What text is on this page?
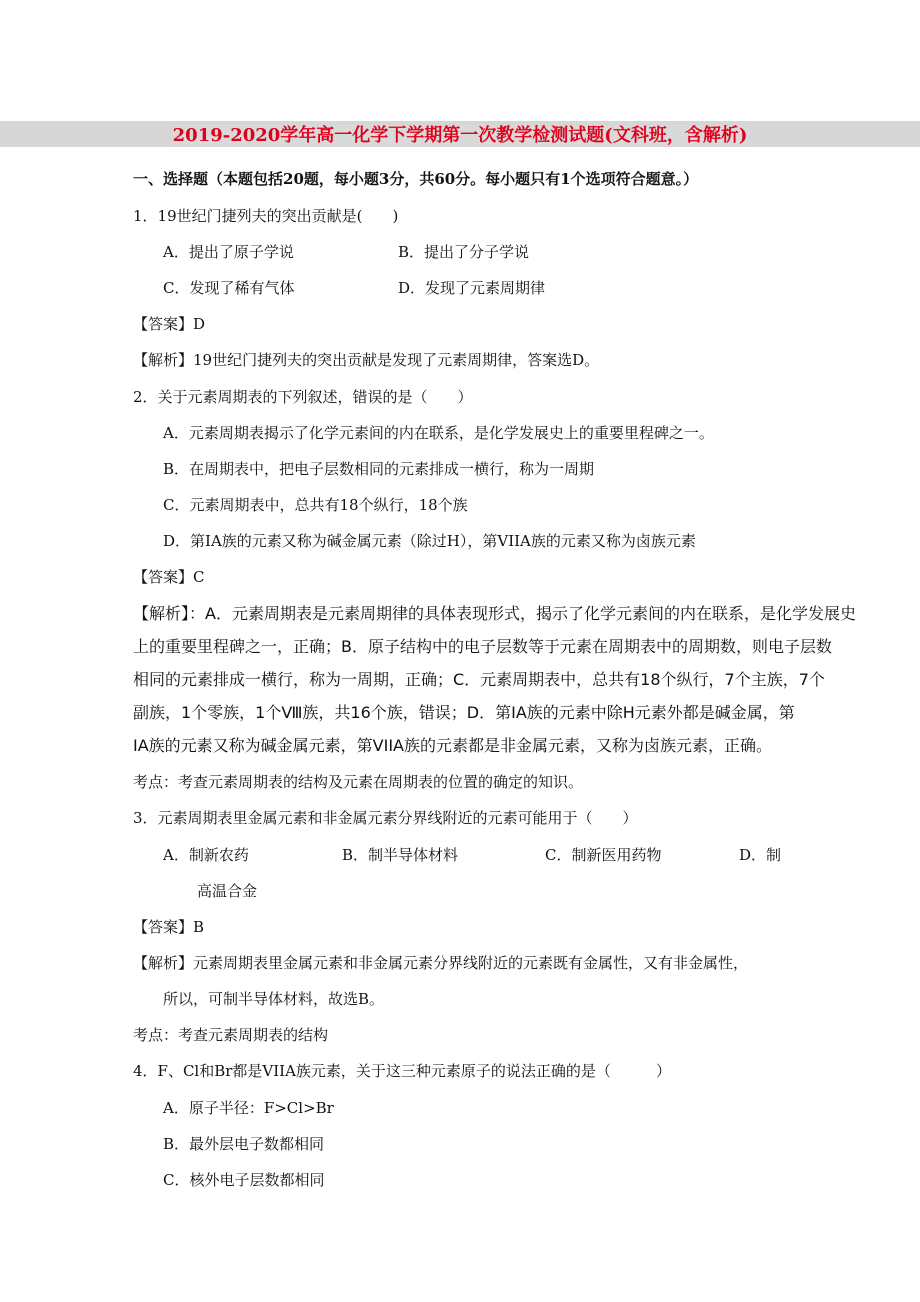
2019-2020学年高一化学下学期第一次教学检测试题(文科班，含解析)
一、选择题（本题包括20题，每小题3分，共60分。每小题只有1个选项符合题意。）
1．19世纪门捷列夫的突出贡献是(　　)
A．提出了原子学说	B．提出了分子学说
C．发现了稀有气体	D．发现了元素周期律
【答案】D
【解析】19世纪门捷列夫的突出贡献是发现了元素周期律，答案选D。
2．关于元素周期表的下列叙述，错误的是（　　）
A．元素周期表揭示了化学元素间的内在联系，是化学发展史上的重要里程碑之一。
B．在周期表中，把电子层数相同的元素排成一横行，称为一周期
C．元素周期表中，总共有18个纵行，18个族
D．第IA族的元素又称为碱金属元素（除过H），第VIIA族的元素又称为卤族元素
【答案】C
【解析】：A．元素周期表是元素周期律的具体表现形式，揭示了化学元素间的内在联系，是化学发展史
上的重要里程碑之一，正确；B．原子结构中的电子层数等于元素在周期表中的周期数，则电子层数
相同的元素排成一横行，称为一周期，正确；C．元素周期表中，总共有18个纵行，7个主族，7个
副族，1个零族，1个Ⅷ族，共16个族，错误；D．第IA族的元素中除H元素外都是碱金属，第
IA族的元素又称为碱金属元素，第VIIA族的元素都是非金属元素，又称为卤族元素，正确。
考点：考查元素周期表的结构及元素在周期表的位置的确定的知识。
3．元素周期表里金属元素和非金属元素分界线附近的元素可能用于（　　）
A．制新农药	B．制半导体材料	C．制新医用药物	D．制
高温合金
【答案】B
【解析】元素周期表里金属元素和非金属元素分界线附近的元素既有金属性，又有非金属性，
所以，可制半导体材料，故选B。
考点：考查元素周期表的结构
4．F、Cl和Br都是VIIA族元素，关于这三种元素原子的说法正确的是（　　　）
A．原子半径：F>Cl>Br
B．最外层电子数都相同
C．核外电子层数都相同
